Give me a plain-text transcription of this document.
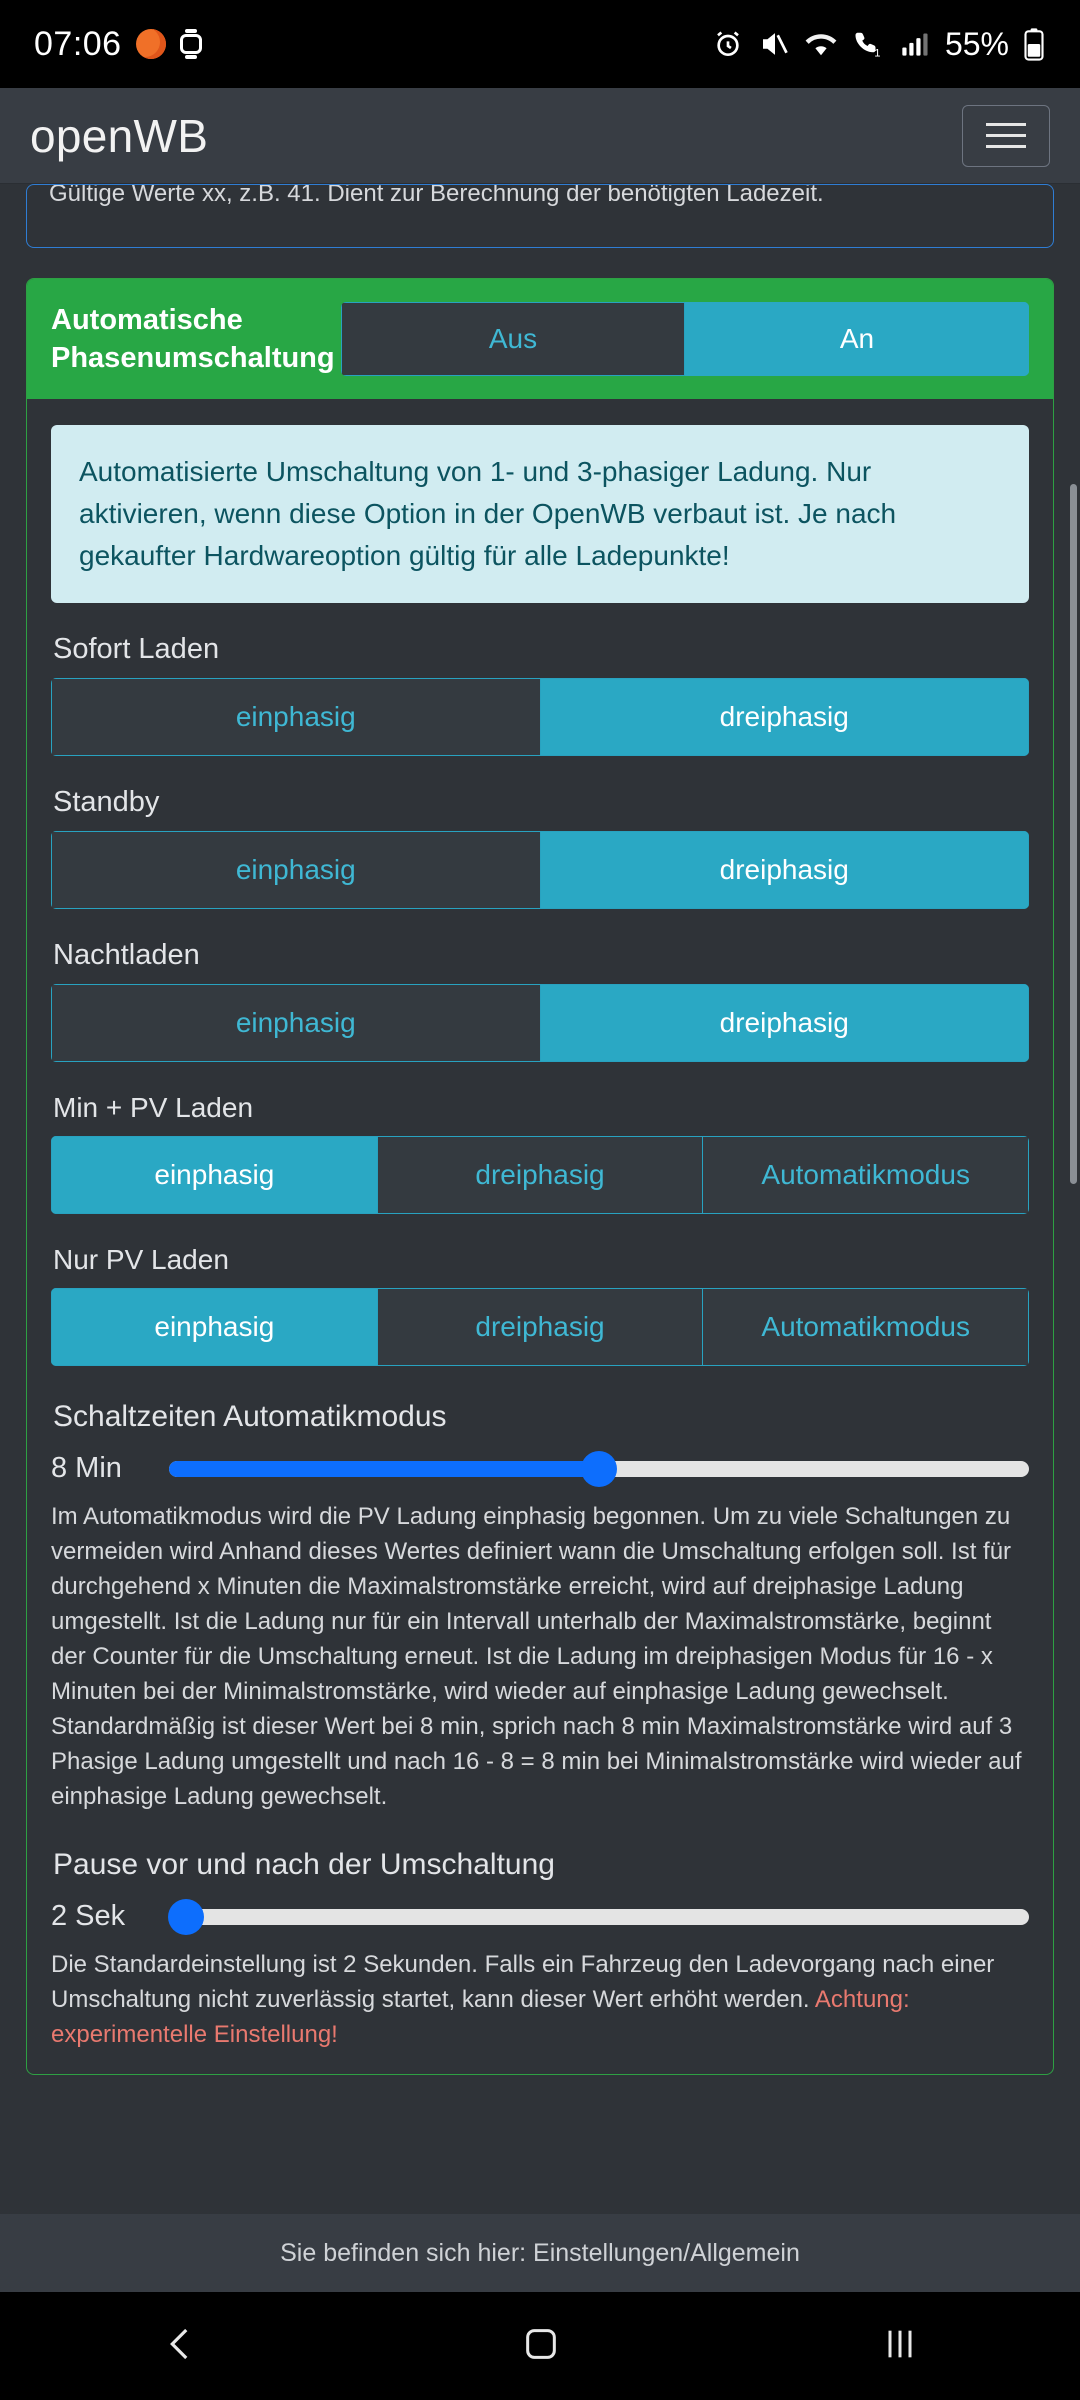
07:06	1 55%
openWB
Gültige Werte xx, z.B. 41. Dient zur Berechnung der benötigten Ladezeit.
Automatische Phasenumschaltung
Aus	An
Automatisierte Umschaltung von 1- und 3-phasiger Ladung. Nur aktivieren, wenn diese Option in der OpenWB verbaut ist. Je nach gekaufter Hardwareoption gültig für alle Ladepunkte!
Sofort Laden
einphasig	dreiphasig
Standby
einphasig	dreiphasig
Nachtladen
einphasig	dreiphasig
Min + PV Laden
einphasig	dreiphasig	Automatikmodus
Nur PV Laden
einphasig	dreiphasig	Automatikmodus
Schaltzeiten Automatikmodus
8 Min
Im Automatikmodus wird die PV Ladung einphasig begonnen. Um zu viele Schaltungen zu vermeiden wird Anhand dieses Wertes definiert wann die Umschaltung erfolgen soll. Ist für durchgehend x Minuten die Maximalstromstärke erreicht, wird auf dreiphasige Ladung umgestellt. Ist die Ladung nur für ein Intervall unterhalb der Maximalstromstärke, beginnt der Counter für die Umschaltung erneut. Ist die Ladung im dreiphasigen Modus für 16 - x Minuten bei der Minimalstromstärke, wird wieder auf einphasige Ladung gewechselt. Standardmäßig ist dieser Wert bei 8 min, sprich nach 8 min Maximalstromstärke wird auf 3 Phasige Ladung umgestellt und nach 16 - 8 = 8 min bei Minimalstromstärke wird wieder auf einphasige Ladung gewechselt.
Pause vor und nach der Umschaltung
2 Sek
Die Standardeinstellung ist 2 Sekunden. Falls ein Fahrzeug den Ladevorgang nach einer Umschaltung nicht zuverlässig startet, kann dieser Wert erhöht werden. Achtung: experimentelle Einstellung!
Sie befinden sich hier: Einstellungen/Allgemein
